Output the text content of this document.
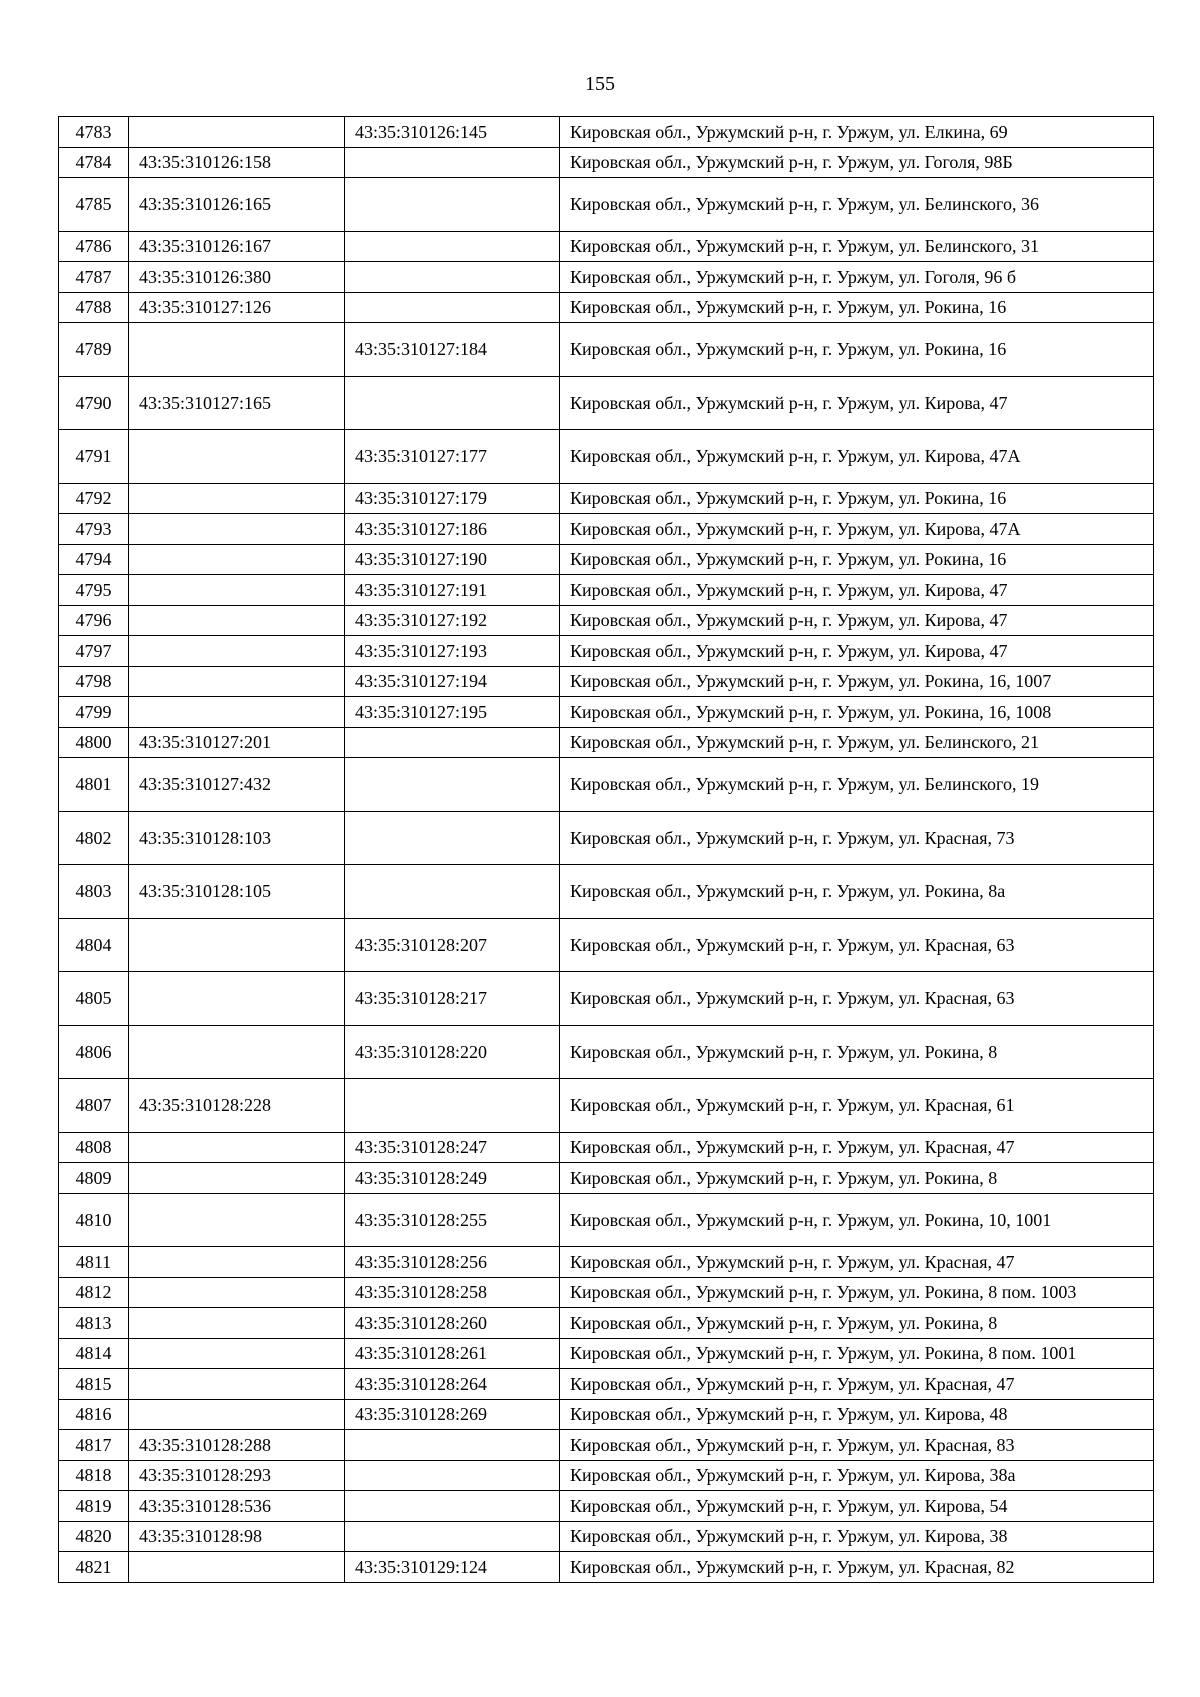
155
4783		43:35:310126:145	Кировская обл., Уржумский р-н, г. Уржум, ул. Елкина, 69
4784	43:35:310126:158		Кировская обл., Уржумский р-н, г. Уржум, ул. Гоголя, 98Б
4785	43:35:310126:165		Кировская обл., Уржумский р-н, г. Уржум, ул. Белинского, 36
4786	43:35:310126:167		Кировская обл., Уржумский р-н, г. Уржум, ул. Белинского, 31
4787	43:35:310126:380		Кировская обл., Уржумский р-н, г. Уржум, ул. Гоголя, 96 б
4788	43:35:310127:126		Кировская обл., Уржумский р-н, г. Уржум, ул. Рокина, 16
4789		43:35:310127:184	Кировская обл., Уржумский р-н, г. Уржум, ул. Рокина, 16
4790	43:35:310127:165		Кировская обл., Уржумский р-н, г. Уржум, ул. Кирова, 47
4791		43:35:310127:177	Кировская обл., Уржумский р-н, г. Уржум, ул. Кирова, 47А
4792		43:35:310127:179	Кировская обл., Уржумский р-н, г. Уржум, ул. Рокина, 16
4793		43:35:310127:186	Кировская обл., Уржумский р-н, г. Уржум, ул. Кирова, 47А
4794		43:35:310127:190	Кировская обл., Уржумский р-н, г. Уржум, ул. Рокина, 16
4795		43:35:310127:191	Кировская обл., Уржумский р-н, г. Уржум, ул. Кирова, 47
4796		43:35:310127:192	Кировская обл., Уржумский р-н, г. Уржум, ул. Кирова, 47
4797		43:35:310127:193	Кировская обл., Уржумский р-н, г. Уржум, ул. Кирова, 47
4798		43:35:310127:194	Кировская обл., Уржумский р-н, г. Уржум, ул. Рокина, 16, 1007
4799		43:35:310127:195	Кировская обл., Уржумский р-н, г. Уржум, ул. Рокина, 16, 1008
4800	43:35:310127:201		Кировская обл., Уржумский р-н, г. Уржум, ул. Белинского, 21
4801	43:35:310127:432		Кировская обл., Уржумский р-н, г. Уржум, ул. Белинского, 19
4802	43:35:310128:103		Кировская обл., Уржумский р-н, г. Уржум, ул. Красная, 73
4803	43:35:310128:105		Кировская обл., Уржумский р-н, г. Уржум, ул. Рокина, 8а
4804		43:35:310128:207	Кировская обл., Уржумский р-н, г. Уржум, ул. Красная, 63
4805		43:35:310128:217	Кировская обл., Уржумский р-н, г. Уржум, ул. Красная, 63
4806		43:35:310128:220	Кировская обл., Уржумский р-н, г. Уржум, ул. Рокина, 8
4807	43:35:310128:228		Кировская обл., Уржумский р-н, г. Уржум, ул. Красная, 61
4808		43:35:310128:247	Кировская обл., Уржумский р-н, г. Уржум, ул. Красная, 47
4809		43:35:310128:249	Кировская обл., Уржумский р-н, г. Уржум, ул. Рокина, 8
4810		43:35:310128:255	Кировская обл., Уржумский р-н, г. Уржум, ул. Рокина, 10, 1001
4811		43:35:310128:256	Кировская обл., Уржумский р-н, г. Уржум, ул. Красная, 47
4812		43:35:310128:258	Кировская обл., Уржумский р-н, г. Уржум, ул. Рокина, 8 пом. 1003
4813		43:35:310128:260	Кировская обл., Уржумский р-н, г. Уржум, ул. Рокина, 8
4814		43:35:310128:261	Кировская обл., Уржумский р-н, г. Уржум, ул. Рокина, 8 пом. 1001
4815		43:35:310128:264	Кировская обл., Уржумский р-н, г. Уржум, ул. Красная, 47
4816		43:35:310128:269	Кировская обл., Уржумский р-н, г. Уржум, ул. Кирова, 48
4817	43:35:310128:288		Кировская обл., Уржумский р-н, г. Уржум, ул. Красная, 83
4818	43:35:310128:293		Кировская обл., Уржумский р-н, г. Уржум, ул. Кирова, 38а
4819	43:35:310128:536		Кировская обл., Уржумский р-н, г. Уржум, ул. Кирова, 54
4820	43:35:310128:98		Кировская обл., Уржумский р-н, г. Уржум, ул. Кирова, 38
4821		43:35:310129:124	Кировская обл., Уржумский р-н, г. Уржум, ул. Красная, 82
